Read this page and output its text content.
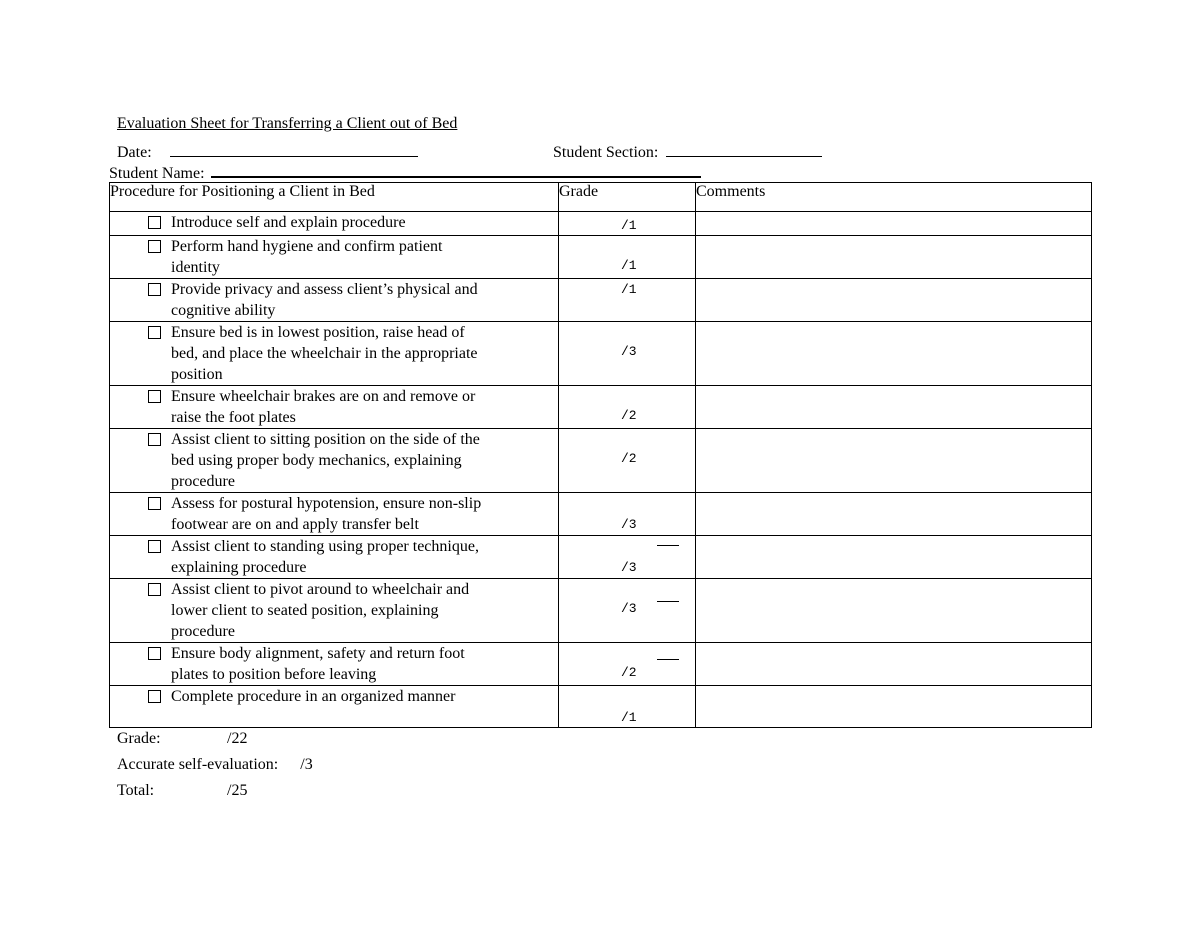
Evaluation Sheet for Transferring a Client out of Bed
Date:	Student Section:
Student Name:
Procedure for Positioning a Client in Bed	Grade	Comments

Introduce self and explain procedure	/1	

Perform hand hygiene and confirm patient
identity	/1	

Provide privacy and assess client’s physical and
cognitive ability	/1	

Ensure bed is in lowest position, raise head of
bed, and place the wheelchair in the appropriate
position	/3	

Ensure wheelchair brakes are on and remove or
raise the foot plates	/2	

Assist client to sitting position on the side of the
bed using proper body mechanics, explaining
procedure	/2	

Assess for postural hypotension, ensure non-slip
footwear are on and apply transfer belt	/3	

Assist client to standing using proper technique,
explaining procedure	/3	

Assist client to pivot around to wheelchair and
lower client to seated position, explaining
procedure	/3	

Ensure body alignment, safety and return foot
plates to position before leaving	/2	

Complete procedure in an organized manner	/1	

Grade:	/22
Accurate self-evaluation: /3
Total:	/25
